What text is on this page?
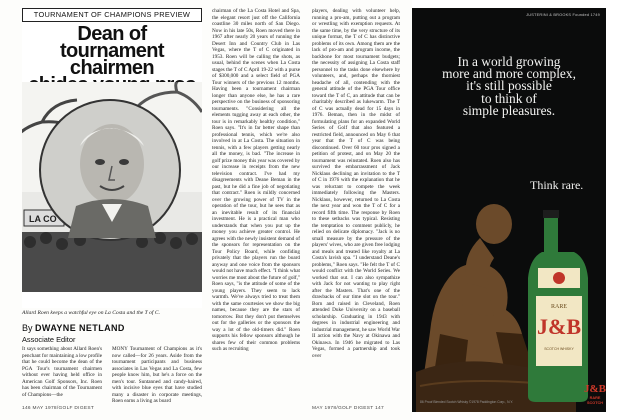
TOURNAMENT OF CHAMPIONS PREVIEW
Dean of
tournament chairmen
LA CO
Allard Roen keeps a watchful eye on La Costa and the T of C.
By DWAYNE NETLAND
Associate Editor

It says something about Allard Roen's penchant for maintaining a low profile that he could become the dean of the PGA Tour's tournament chairmen without ever having held office in American Golf Sponsors, Inc. Roen has been chairman of the Tournament of Champions—the

MONY Tournament of Champions as it's now called—for 26 years. Aside from the tournament participants and business associates in Las Vegas and La Costa, few people know him, but he's a force on the men's tour. Suntanned and candy-haired, with incisive blue eyes that have studied many a disaster in corporate meetings, Roen earns a living as board

chairman of the La Costa Hotel and Spa, the elegant resort just off the California coastline 30 miles north of San Diego. Now in his late 50s, Roen moved there in 1967 after nearly 20 years of running the Desert Inn and Country Club in Las Vegas, where the T of C originated in 1953. Roen will be calling the shots, as usual, behind the scenes when La Costa stages the T of C April 19-22 with a purse of $300,000 and a select field of PGA Tour winners of the previous 12 months. Having been a tournament chairman longer than anyone else, he has a rare perspective on the business of sponsoring tournaments. "Considering all the elements tugging away at each other, the tour is in remarkably healthy condition," Roen says. "It's in far better shape than professional tennis, which we're also involved in at La Costa. The situation in tennis, with a few players getting nearly all the money, is bad. "The increase in golf prize money this year was covered by our increase in receipts from the new television contract. I've had my disagreements with Deane Beman in the past, but he did a fine job of negotiating that contract." Roen is mildly concerned over the growing power of TV in the operation of the tour, but he sees that as an inevitable result of its financial investment. He is a practical man who understands that when you put up the money you achieve greater control. He agrees with the newly insistent demand of the sponsors for representation on the Tour Policy Board, while confiding privately that the players run the board anyway and one voice from the sponsors would not have much effect. "I think what worries me most about the future of golf," Roen says, "is the attitude of some of the young players. They seem to lack warmth. We've always tried to treat them with the same courtesies we show the big names, because they are the stars of tomorrow. But they don't put themselves out for the galleries or the sponsors the way a lot of the old-timers did." Roen supports his fellow sponsors although he shares few of their common problems such as recruiting

players, dealing with volunteer help, running a pro-am, putting out a program or wrestling with exemption requests. At the same time, by the very structure of its unique format, the T of C has distinctive problems of its own. Among them are the lack of pro-am and program income, the backbone for most tournament budgets; the necessity of assigning La Costa staff personnel to the tasks done elsewhere by volunteers, and, perhaps the thorniest headache of all, contending with the general attitude of the PGA Tour office toward the T of C, an attitude that can be charitably described as lukewarm. The T of C was actually dead for 15 days in 1976. Beman, then in the midst of formulating plans for an expanded World Series of Golf that also featured a restricted field, announced on May 6 that year that the T of C was being discontinued. Over 60 tour pros signed a petition of protest, and on May 20 the tournament was reinstated. Roen also has survived the embarrassment of Jack Nicklaus declining an invitation to the T of C in 1976 with the explanation that he was reluctant to compete the week immediately following the Masters. Nicklaus, however, returned to La Costa the next year and won the T of C for a record fifth time. The response by Roen to these setbacks was typical. Resisting the temptation to comment publicly, he relied on delicate diplomacy. "Jack is no small measure by the pressure of the players' wives, who are given free lodging and meals and treated like royalty at La Costa's lavish spa. "I understand Deane's problems," Roen says. "He felt the T of C would conflict with the World Series. We worked that out. I can also sympathize with Jack for not wanting to play right after the Masters. That's one of the drawbacks of our time slot on the tour." Born and raised in Cleveland, Roen attended Duke University on a baseball scholarship. Graduating in 1943 with degrees in industrial engineering and industrial management, he saw World War II action with the Navy at Okinawa and Okinawa. In 1946 he migrated to Las Vegas, formed a partnership and took over

146 MAY 1978/GOLF DIGEST	MAY 1978/GOLF DIGEST 147
RARE
J&B
SCOTCH WHISKY
JUSTERINI & BROOKS Founded 1749
In a world growing
more and more complex,
it's still possible
to think of
simple pleasures.
Think rare.
86 Proof Blended Scotch Whisky ©1978 Paddington Corp., N.Y.
J&B
RARE
SCOTCH
